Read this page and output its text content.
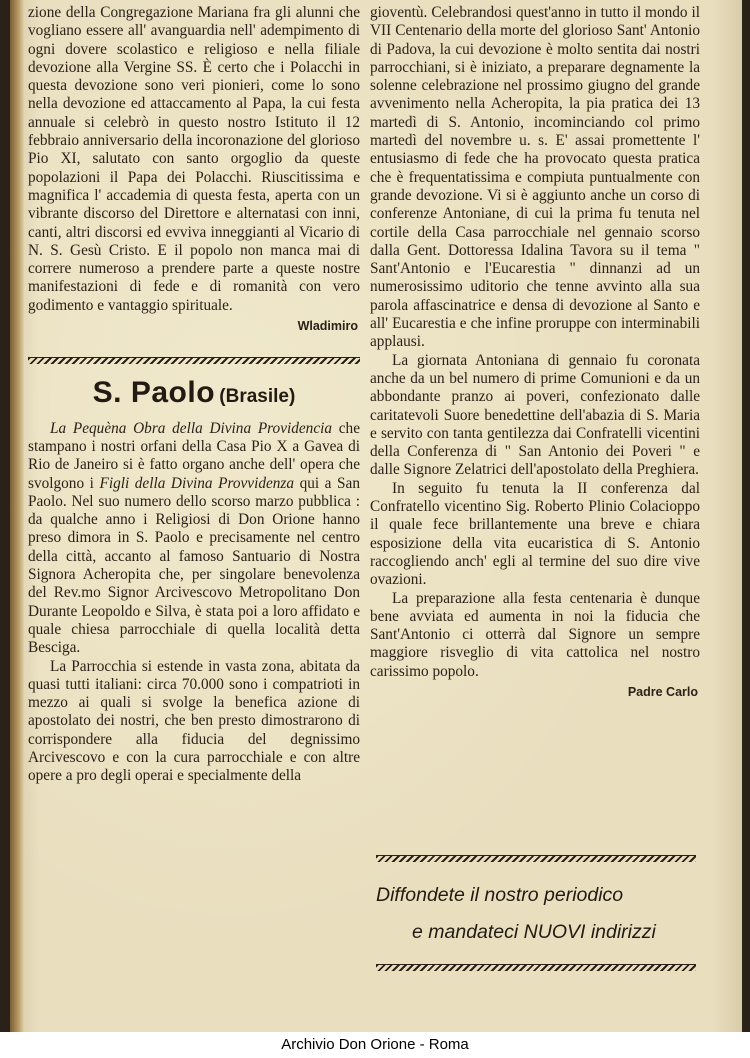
zione della Congregazione Mariana fra gli alunni che vogliano essere all' avanguardia nell' adempimento di ogni dovere scolastico e religioso e nella filiale devozione alla Vergine SS. È certo che i Polacchi in questa devozione sono veri pionieri, come lo sono nella devozione ed attaccamento al Papa, la cui festa annuale si celebrò in questo nostro Istituto il 12 febbraio anniversario della incoronazione del glorioso Pio XI, salutato con santo orgoglio da queste popolazioni il Papa dei Polacchi. Riuscitissima e magnifica l' accademia di questa festa, aperta con un vibrante discorso del Direttore e alternatasi con inni, canti, altri discorsi ed evviva inneggianti al Vicario di N. S. Gesù Cristo. E il popolo non manca mai di correre numeroso a prendere parte a queste nostre manifestazioni di fede e di romanità con vero godimento e vantaggio spirituale.

Wladimiro

S. Paolo (Brasile)

La Pequèna Obra della Divina Providencia che stampano i nostri orfani della Casa Pio X a Gavea di Rio de Janeiro si è fatto organo anche dell' opera che svolgono i Figli della Divina Provvidenza qui a San Paolo. Nel suo numero dello scorso marzo pubblica : da qualche anno i Religiosi di Don Orione hanno preso dimora in S. Paolo e precisamente nel centro della città, accanto al famoso Santuario di Nostra Signora Acheropita che, per singolare benevolenza del Rev.mo Signor Arcivescovo Metropolitano Don Durante Leopoldo e Silva, è stata poi a loro affidato e quale chiesa parrocchiale di quella località detta Besciga.

La Parrocchia si estende in vasta zona, abitata da quasi tutti italiani: circa 70.000 sono i compatrioti in mezzo ai quali si svolge la benefica azione di apostolato dei nostri, che ben presto dimostrarono di corrispondere alla fiducia del degnissimo Arcivescovo e con la cura parrocchiale e con altre opere a pro degli operai e specialmente della

gioventù. Celebrandosi quest'anno in tutto il mondo il VII Centenario della morte del glorioso Sant' Antonio di Padova, la cui devozione è molto sentita dai nostri parrocchiani, si è iniziato, a preparare degnamente la solenne celebrazione nel prossimo giugno del grande avvenimento nella Acheropita, la pia pratica dei 13 martedì di S. Antonio, incominciando col primo martedì del novembre u. s. E' assai promettente l' entusiasmo di fede che ha provocato questa pratica che è frequentatissima e compiuta puntualmente con grande devozione. Vi si è aggiunto anche un corso di conferenze Antoniane, di cui la prima fu tenuta nel cortile della Casa parrocchiale nel gennaio scorso dalla Gent. Dottoressa Idalina Tavora su il tema " Sant'Antonio e l'Eucarestia " dinnanzi ad un numerosissimo uditorio che tenne avvinto alla sua parola affascinatrice e densa di devozione al Santo e all' Eucarestia e che infine proruppe con interminabili applausi.

La giornata Antoniana di gennaio fu coronata anche da un bel numero di prime Comunioni e da un abbondante pranzo ai poveri, confezionato dalle caritatevoli Suore benedettine dell'abazia di S. Maria e servito con tanta gentilezza dai Confratelli vicentini della Conferenza di " San Antonio dei Poveri " e dalle Signore Zelatrici dell'apostolato della Preghiera.

In seguito fu tenuta la II conferenza dal Confratello vicentino Sig. Roberto Plinio Colacioppo il quale fece brillantemente una breve e chiara esposizione della vita eucaristica di S. Antonio raccogliendo anch' egli al termine del suo dire vive ovazioni.

La preparazione alla festa centenaria è dunque bene avviata ed aumenta in noi la fiducia che Sant'Antonio ci otterrà dal Signore un sempre maggiore risveglio di vita cattolica nel nostro carissimo popolo.

Padre Carlo

Diffondete il nostro periodico

e mandateci NUOVI indirizzi

Archivio Don Orione - Roma
